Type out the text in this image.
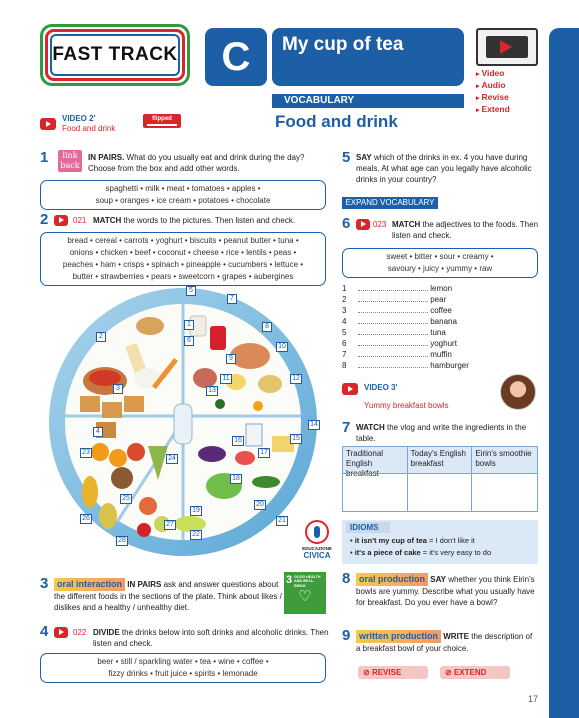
FAST TRACK C	My cup of tea
▸ Video
▸ Audio
▸ Revise
▸ Extend
VOCABULARY
Food and drink
VIDEO 2'
Food and drink
flipped
1	link
back
IN PAIRS. What do you usually eat and drink during the day? Choose from the box and add other words.
spaghetti • milk • meat • tomatoes • apples •
soup • oranges • ice cream • potatoes • chocolate
2	021 MATCH the words to the pictures. Then listen and check.
bread • cereal • carrots • yoghurt • biscuits • peanut butter • tuna •
onions • chicken • beef • coconut • cheese • rice • lentils • peas •
peaches • ham • crisps • spinach • pineapple • cucumbers • lettuce •
butter • strawberries • pears • sweetcorn • grapes • aubergines
1
2
3
4
5
6
7
8
9
10
11	12
13
14
15
16
17
18
19
20
21
22
23
24
25
26
27
28
EDUCAZIONE
CIVICA
3 oral interaction IN PAIRS ask and answer questions about the different foods in the sections of the plate. Think about likes / dislikes and a healthy / unhealthy diet.
3 GOOD HEALTH AND WELL-BEING
♡
4	022 DIVIDE the drinks below into soft drinks and alcoholic drinks. Then listen and check.
beer • still / sparkling water • tea • wine • coffee •
fizzy drinks • fruit juice • spirits • lemonade
5 SAY which of the drinks in ex. 4 you have during meals. At what age can you legally have alcoholic drinks in your country?
EXPAND VOCABULARY
6	023 MATCH the adjectives to the foods. Then listen and check.
sweet • bitter • sour • creamy •
savoury • juicy • yummy • raw
1	lemon
2	pear
3	coffee
4	banana
5	tuna
6	yoghurt
7	muffin
8	hamburger
VIDEO 3'
Yummy breakfast bowls
7 WATCH the vlog and write the ingredients in the table.
Traditional English breakfast
Today's English breakfast
Eirin's smoothie bowls
IDIOMS
• it isn't my cup of tea = I don't like it
• it's a piece of cake = it's very easy to do
8 oral production SAY whether you think Eirin's bowls are yummy. Describe what you usually have for breakfast. Do you ever have a bowl?
9 written production WRITE the description of a breakfast bowl of your choice.
⊘ REVISE	⊘ EXTEND
17
